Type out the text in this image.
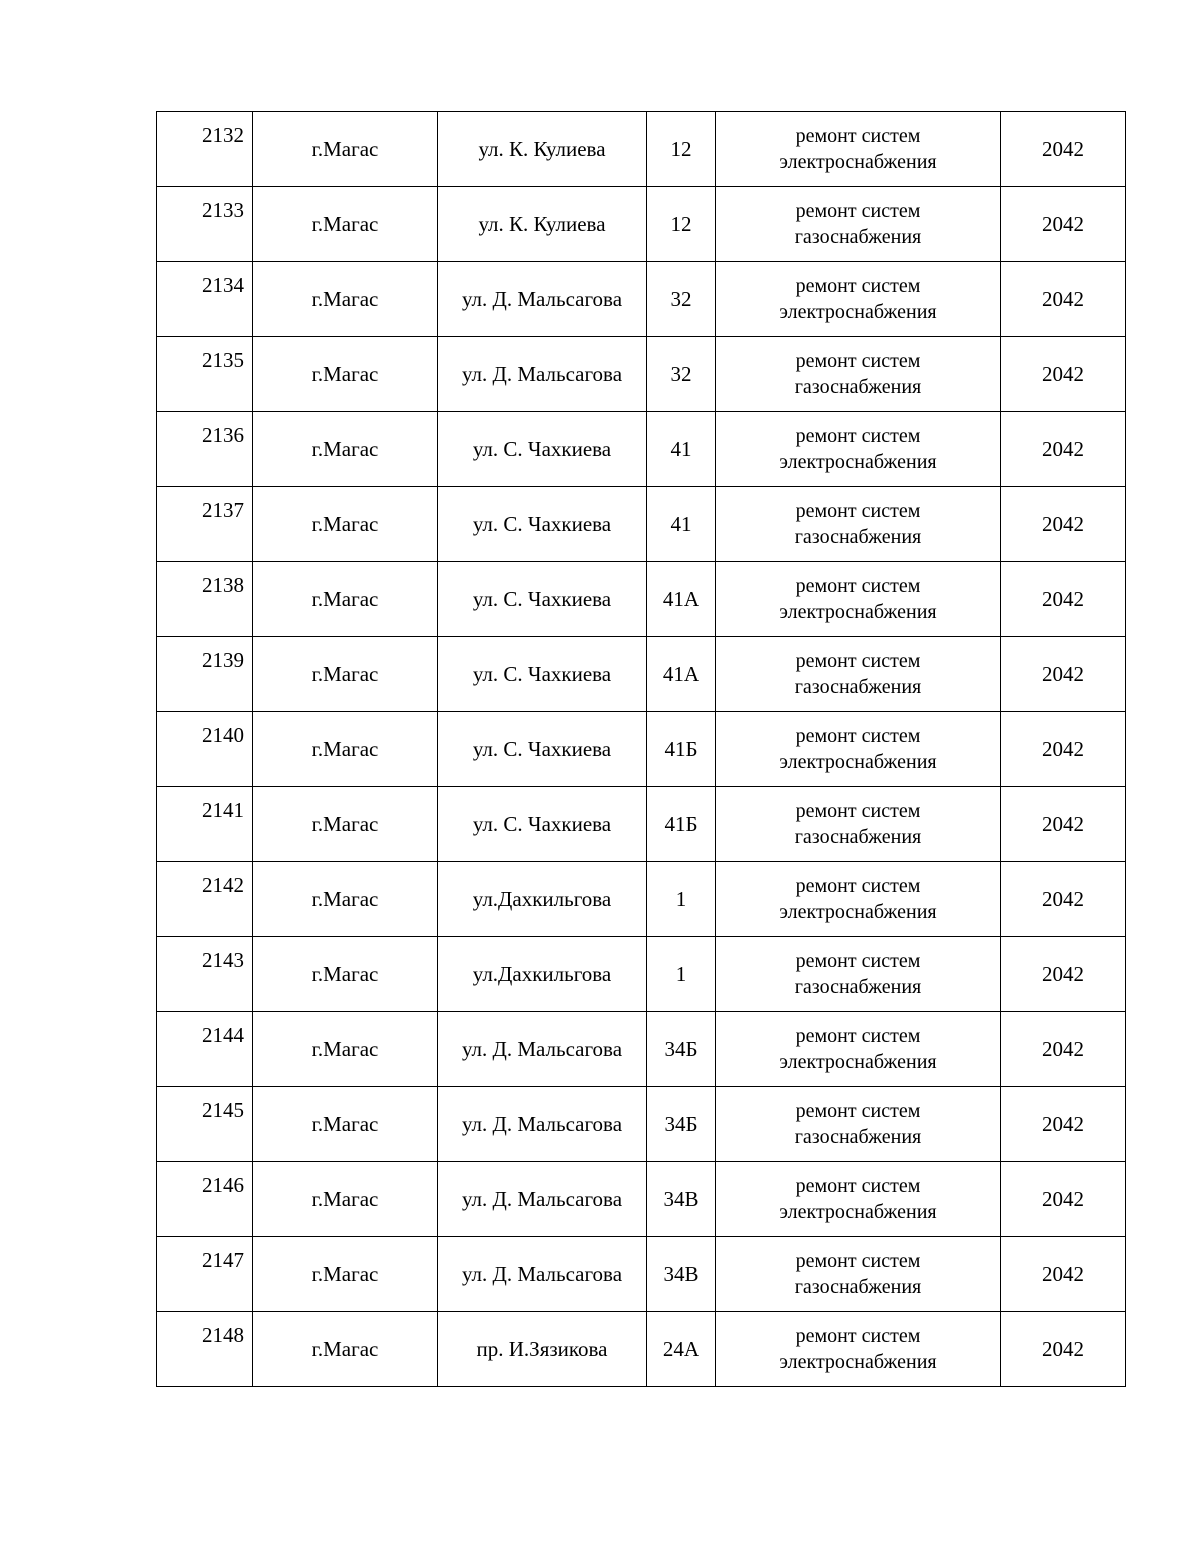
2132	г.Магас	ул. К. Кулиева	12	ремонт систем
электроснабжения	2042
2133	г.Магас	ул. К. Кулиева	12	ремонт систем
газоснабжения	2042
2134	г.Магас	ул. Д. Мальсагова	32	ремонт систем
электроснабжения	2042
2135	г.Магас	ул. Д. Мальсагова	32	ремонт систем
газоснабжения	2042
2136	г.Магас	ул. С. Чахкиева	41	ремонт систем
электроснабжения	2042
2137	г.Магас	ул. С. Чахкиева	41	ремонт систем
газоснабжения	2042
2138	г.Магас	ул. С. Чахкиева	41А	ремонт систем
электроснабжения	2042
2139	г.Магас	ул. С. Чахкиева	41А	ремонт систем
газоснабжения	2042
2140	г.Магас	ул. С. Чахкиева	41Б	ремонт систем
электроснабжения	2042
2141	г.Магас	ул. С. Чахкиева	41Б	ремонт систем
газоснабжения	2042
2142	г.Магас	ул.Дахкильгова	1	ремонт систем
электроснабжения	2042
2143	г.Магас	ул.Дахкильгова	1	ремонт систем
газоснабжения	2042
2144	г.Магас	ул. Д. Мальсагова	34Б	ремонт систем
электроснабжения	2042
2145	г.Магас	ул. Д. Мальсагова	34Б	ремонт систем
газоснабжения	2042
2146	г.Магас	ул. Д. Мальсагова	34В	ремонт систем
электроснабжения	2042
2147	г.Магас	ул. Д. Мальсагова	34В	ремонт систем
газоснабжения	2042
2148	г.Магас	пр. И.Зязикова	24А	ремонт систем
электроснабжения	2042
